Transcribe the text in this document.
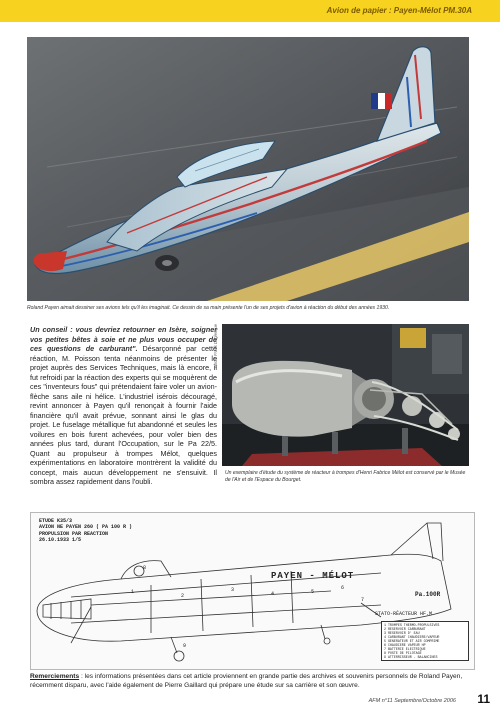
Avion de papier : Payen-Mélot PM.30A
Roland Payen aimait dessiner ses avions tels qu'il les imaginait. Ce dessin de sa main présente l'un de ses projets d'avion à réaction du début des années 1930.
Un conseil : vous devriez retourner en Isère, soigner vos petites bêtes à soie et ne plus vous occuper de ces questions de carburant". Désarçonné par cette réaction, M. Poisson tenta néanmoins de présenter le projet auprès des Services Techniques, mais là encore, il fut refroidi par la réaction des experts qui se moquèrent de ces "inventeurs fous" qui prétendaient faire voler un avion-flèche sans aile ni hélice. L'industriel isérois découragé, revint annoncer à Payen qu'il renonçait à fournir l'aide financière qu'il avait prévue, sonnant ainsi le glas du projet. Le fuselage métallique fut abandonné et seules les voilures en bois furent achevées, pour voler bien des années plus tard, durant l'Occupation, sur le Pa 22/5. Quant au propulseur à trompes Mélot, quelques expérimentations en laboratoire montrèrent la validité du concept, mais aucun développement ne s'ensuivit. Il sombra assez rapidement dans l'oubli.
Photo Frank Déglesque
Un exemplaire d'étude du système de réacteur à trompes d'Henri Fabrice Mélot est conservé par le Musée de l'Air et de l'Espace du Bourget.
1
2
3
4	5
6
7
8
9
ETUDE K35/3
AVION NE PAYEN 260 ( PA 100 R )
PROPULSION PAR REACTION
26.10.1933 1/5
PAYEN - MÉLOT
Pa.100R
STATO-RÉACTEUR HF.M
1 TROMPES THERMO-PROPULSIVES
2 RESERVOIR CARBURANT
3 RESERVOIR D' EAU
4 CARBURANT CHAUDIERE/VAPEUR
5 GENERATEUR ET AIR COMPRIME
6 CHAUDIERE VAPEUR HP
7 BATTERIE ELECTRIQUE
8 POSTE DE PILOTAGE
9 ATTERRISSEUR - BALANCINES
Remerciements : les informations présentées dans cet article proviennent en grande partie des archives et souvenirs personnels de Roland Payen, récemment disparu, avec l'aide également de Pierre Gaillard qui prépare une étude sur sa carrière et son œuvre.
AFM n°11 Septembre/Octobre 2006 11
